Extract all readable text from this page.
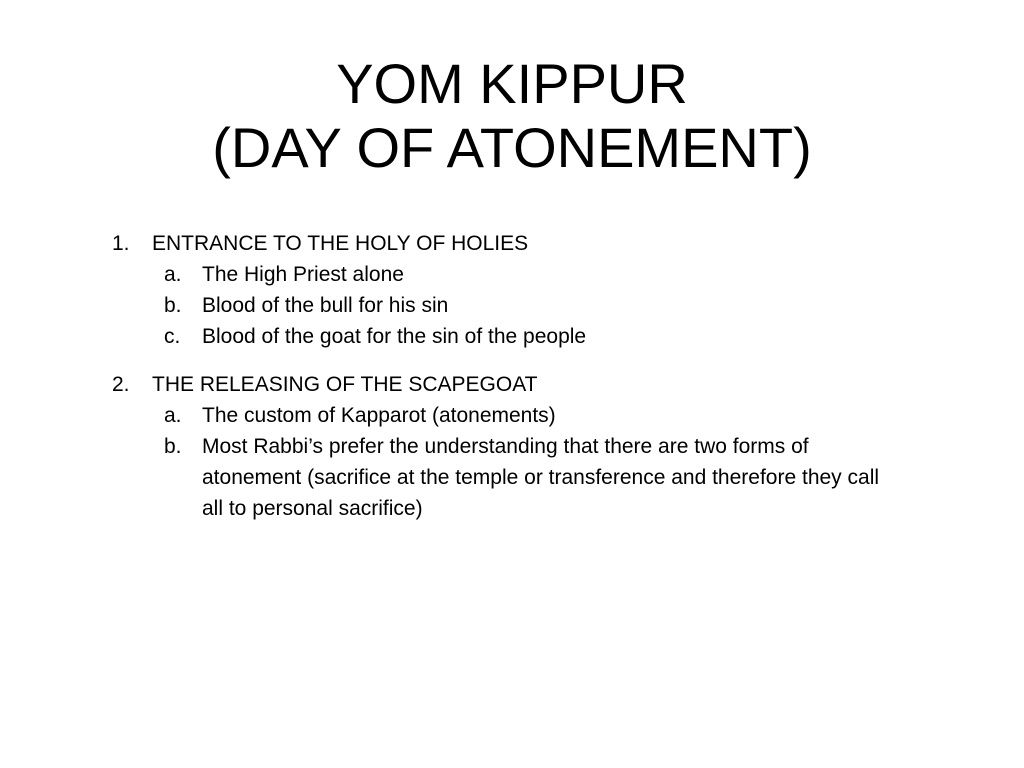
YOM KIPPUR
(DAY OF ATONEMENT)
1.	ENTRANCE TO THE HOLY OF HOLIES
a. The High Priest alone
b. Blood of the bull for his sin
c.	Blood of the goat for the sin of the people
2.	THE RELEASING OF THE SCAPEGOAT
a. The custom of Kapparot (atonements)
b. Most Rabbi’s prefer the understanding that there are two forms of atonement (sacrifice at the temple or transference and therefore they call all to personal sacrifice)
